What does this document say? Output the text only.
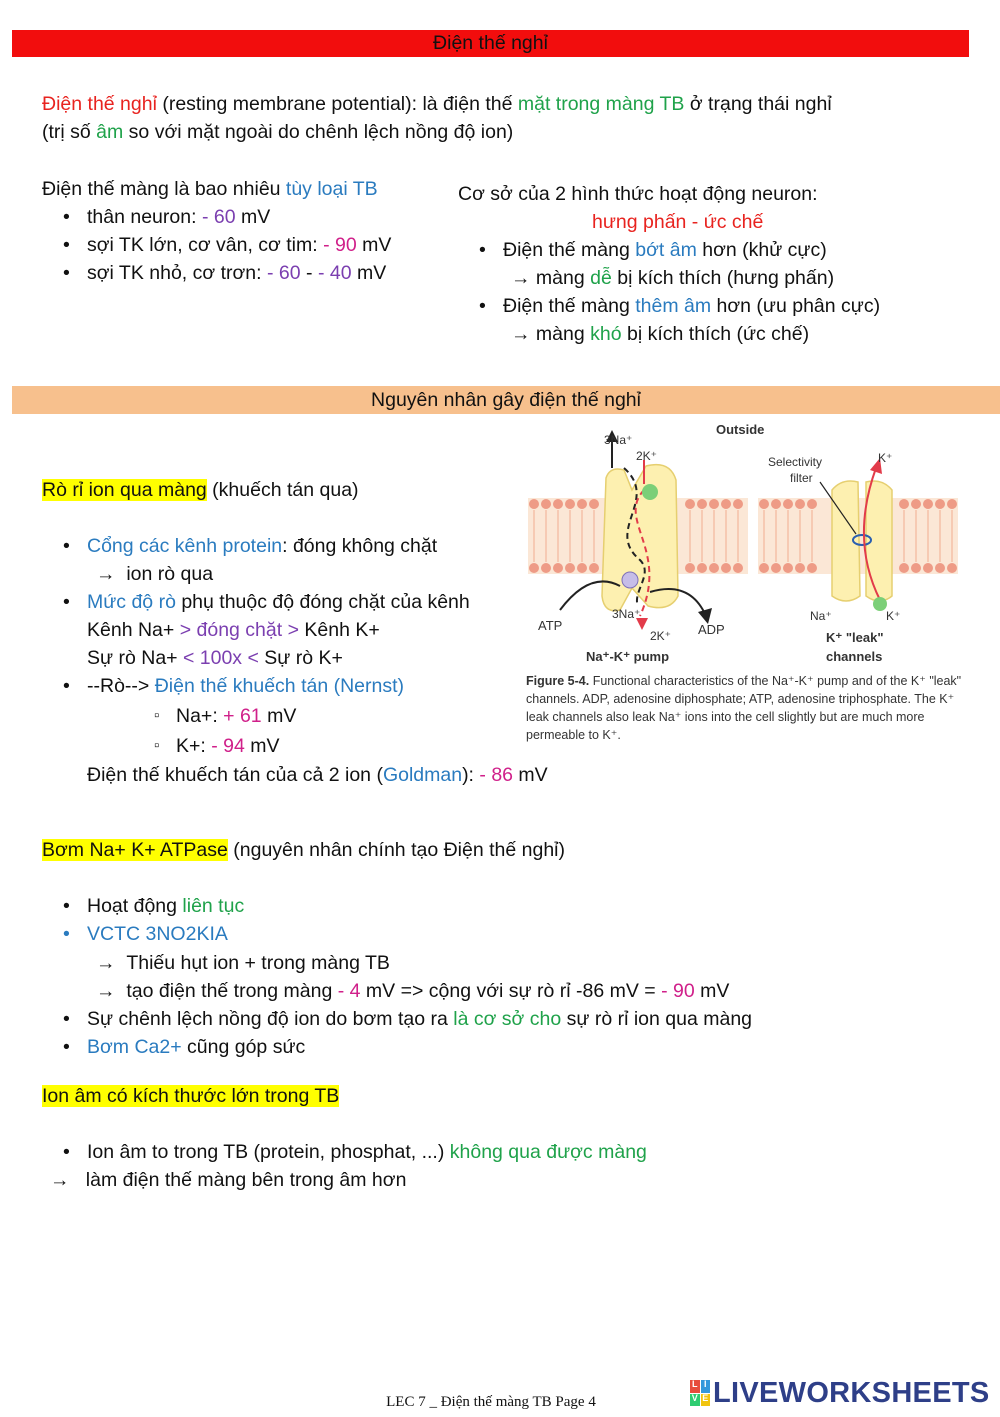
Điện thế nghỉ
Điện thế nghỉ (resting membrane potential): là điện thế mặt trong màng TB ở trạng thái nghỉ
(trị số âm so với mặt ngoài do chênh lệch nồng độ ion)
Điện thế màng là bao nhiêu tùy loại TB
• thân neuron: - 60 mV
• sợi TK lớn, cơ vân, cơ tim: - 90 mV
• sợi TK nhỏ, cơ trơn: - 60 - - 40 mV
Cơ sở của 2 hình thức hoạt động neuron:
hưng phấn - ức chế
• Điện thế màng bớt âm hơn (khử cực)
→ màng dễ bị kích thích (hưng phấn)
• Điện thế màng thêm âm hơn (ưu phân cực)
→ màng khó bị kích thích (ức chế)
Nguyên nhân gây điện thế nghỉ
Rò rỉ ion qua màng (khuếch tán qua)
• Cổng các kênh protein: đóng không chặt
→ ion rò qua
• Mức độ rò phụ thuộc độ đóng chặt của kênh
Kênh Na+ > đóng chặt > Kênh K+
Sự rò Na+ < 100x < Sự rò K+
• --Rò--> Điện thế khuếch tán (Nernst)
▫ Na+: + 61 mV
▫ K+: - 94 mV
Điện thế khuếch tán của cả 2 ion (Goldman): - 86 mV
Outside
3Na⁺
2K⁺
ATP
3Na⁺
2K⁺ ADP
Na⁺-K⁺ pump
Selectivity
filter
K⁺
Na⁺	K⁺
K⁺ "leak"
channels
Figure 5-4. Functional characteristics of the Na⁺-K⁺ pump and of the K⁺ "leak" channels. ADP, adenosine diphosphate; ATP, adenosine triphosphate. The K⁺ leak channels also leak Na⁺ ions into the cell slightly but are much more permeable to K⁺.
Bơm Na+ K+ ATPase (nguyên nhân chính tạo Điện thế nghỉ)
• Hoạt động liên tục
• VCTC 3NO2KIA
→ Thiếu hụt ion + trong màng TB
→ tạo điện thế trong màng - 4 mV => cộng với sự rò rỉ -86 mV = - 90 mV
• Sự chênh lệch nồng độ ion do bơm tạo ra là cơ sở cho sự rò rỉ ion qua màng
• Bơm Ca2+ cũng góp sức
Ion âm có kích thước lớn trong TB
• Ion âm to trong TB (protein, phosphat, ...) không qua được màng
→ làm điện thế màng bên trong âm hơn
LEC 7 _ Điện thế màng TB Page 4
L I
V E LIVEWORKSHEETS
